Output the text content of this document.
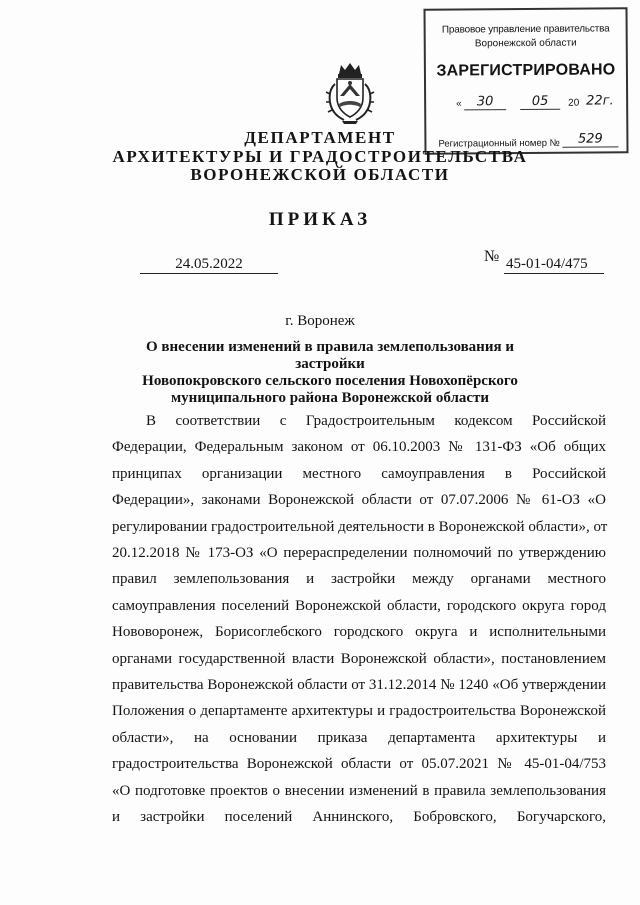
Правовое управление правительства
Воронежской области
ЗАРЕГИСТРИРОВАНО
«	30	05	20 22г.
Регистрационный номер №	529
ДЕПАРТАМЕНТ
АРХИТЕКТУРЫ И ГРАДОСТРОИТЕЛЬСТВА
ВОРОНЕЖСКОЙ ОБЛАСТИ
ПРИКАЗ
24.05.2022	№ 45-01-04/475
г. Воронеж
О внесении изменений в правила землепользования и застройки
Новопокровского сельского поселения Новохопёрского
муниципального района Воронежской области
В соответствии с Градостроительным кодексом Российской
Федерации, Федеральным законом от 06.10.2003 № 131-ФЗ «Об общих
принципах организации местного самоуправления в Российской
Федерации», законами Воронежской области от 07.07.2006 № 61-ОЗ «О
регулировании градостроительной деятельности в Воронежской области», от
20.12.2018 № 173-ОЗ «О перераспределении полномочий по утверждению
правил землепользования и застройки между органами местного
самоуправления поселений Воронежской области, городского округа город
Нововоронеж, Борисоглебского городского округа и исполнительными
органами государственной власти Воронежской области», постановлением
правительства Воронежской области от 31.12.2014 № 1240 «Об утверждении
Положения о департаменте архитектуры и градостроительства Воронежской
области», на основании приказа департамента архитектуры и
градостроительства Воронежской области от 05.07.2021 № 45-01-04/753
«О подготовке проектов о внесении изменений в правила землепользования
и застройки поселений Аннинского, Бобровского, Богучарского,
